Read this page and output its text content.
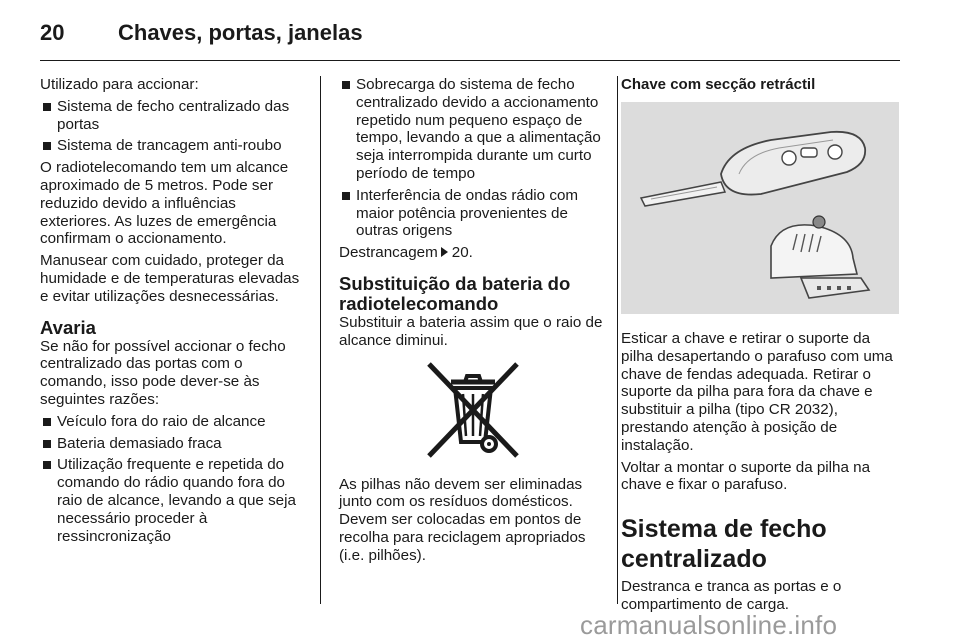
20 Chaves, portas, janelas

Utilizado para accionar:

Sistema de fecho centralizado das portas
Sistema de trancagem anti-roubo

O radiotelecomando tem um alcance aproximado de 5 metros. Pode ser reduzido devido a influências exteriores. As luzes de emergência confirmam o accionamento.

Manusear com cuidado, proteger da humidade e de temperaturas elevadas e evitar utilizações desnecessárias.

Avaria

Se não for possível accionar o fecho centralizado das portas com o comando, isso pode dever-se às seguintes razões:

Veículo fora do raio de alcance
Bateria demasiado fraca
Utilização frequente e repetida do comando do rádio quando fora do raio de alcance, levando a que seja necessário proceder à ressincronização
Sobrecarga do sistema de fecho centralizado devido a accionamento repetido num pequeno espaço de tempo, levando a que a alimentação seja interrompida durante um curto período de tempo
Interferência de ondas rádio com maior potência provenientes de outras origens

Destrancagem 20.

Substituição da bateria do radiotelecomando

Substituir a bateria assim que o raio de alcance diminui.

As pilhas não devem ser eliminadas junto com os resíduos domésticos. Devem ser colocadas em pontos de recolha para reciclagem apropriados (i.e. pilhões).

Chave com secção retráctil

Esticar a chave e retirar o suporte da pilha desapertando o parafuso com uma chave de fendas adequada. Retirar o suporte da pilha para fora da chave e substituir a pilha (tipo CR 2032), prestando atenção à posição de instalação.

Voltar a montar o suporte da pilha na chave e fixar o parafuso.

Sistema de fecho centralizado

Destranca e tranca as portas e o compartimento de carga.

carmanualsonline.info
